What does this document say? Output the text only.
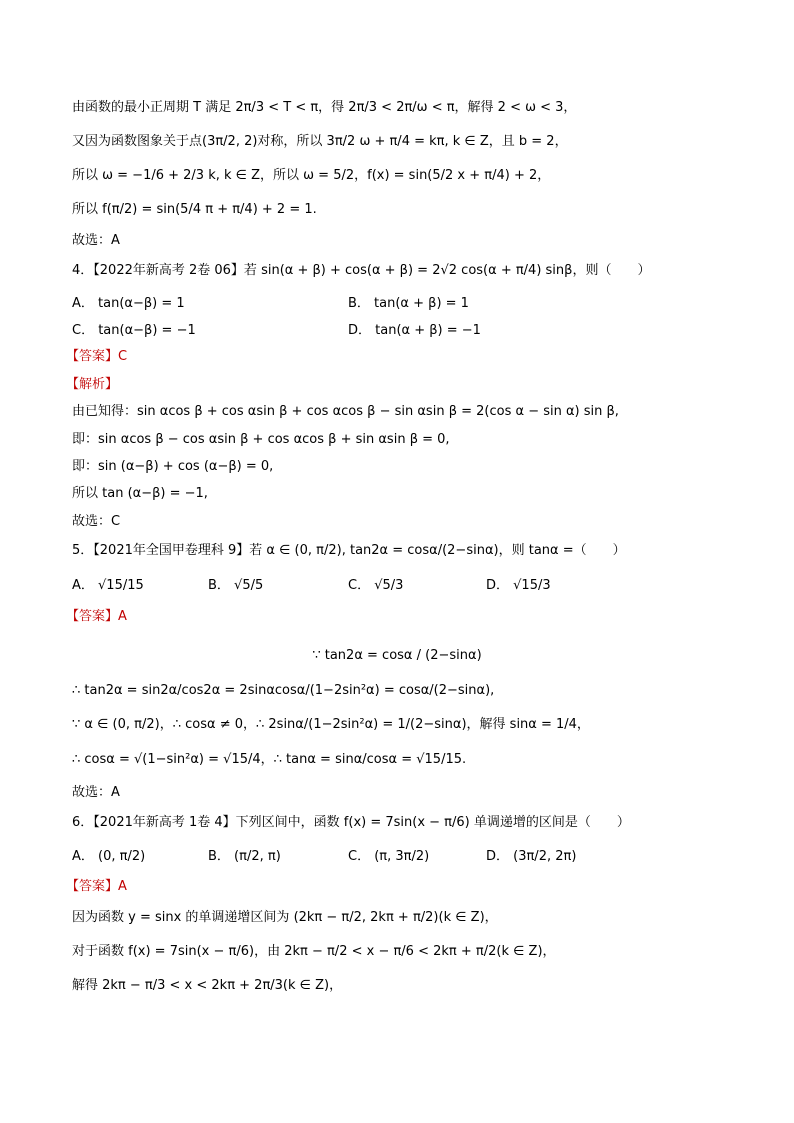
由函数的最小正周期 T 满足 2π/3 < T < π，得 2π/3 < 2π/ω < π，解得 2 < ω < 3，
又因为函数图象关于点(3π/2, 2)对称，所以 3π/2 ω + π/4 = kπ, k ∈ Z，且 b = 2，
所以 ω = −1/6 + 2/3 k, k ∈ Z，所以 ω = 5/2，f(x) = sin(5/2 x + π/4) + 2，
所以 f(π/2) = sin(5/4 π + π/4) + 2 = 1.
故选：A
4．【2022年新高考 2卷 06】若 sin(α + β) + cos(α + β) = 2√2 cos(α + π/4) sinβ，则（　　）
A． tan(α−β) = 1	B． tan(α + β) = 1
C． tan(α−β) = −1	D． tan(α + β) = −1
【答案】C
【解析】
由已知得：sin αcos β + cos αsin β + cos αcos β − sin αsin β = 2(cos α − sin α) sin β,
即：sin αcos β − cos αsin β + cos αcos β + sin αsin β = 0,
即：sin (α−β) + cos (α−β) = 0,
所以 tan (α−β) = −1,
故选：C
5．【2021年全国甲卷理科 9】若 α ∈ (0, π/2), tan2α = cosα/(2−sinα)，则 tanα =（　　）
A． √15/15	B． √5/5	C． √5/3	D． √15/3
【答案】A
∵ tan2α = cosα / (2−sinα)
∴ tan2α = sin2α/cos2α = 2sinαcosα/(1−2sin²α) = cosα/(2−sinα),
∵ α ∈ (0, π/2)，∴ cosα ≠ 0，∴ 2sinα/(1−2sin²α) = 1/(2−sinα)，解得 sinα = 1/4，
∴ cosα = √(1−sin²α) = √15/4，∴ tanα = sinα/cosα = √15/15.
故选：A
6．【2021年新高考 1卷 4】下列区间中，函数 f(x) = 7sin(x − π/6) 单调递增的区间是（　　）
A． (0, π/2)	B． (π/2, π)	C． (π, 3π/2)	D． (3π/2, 2π)
【答案】A
因为函数 y = sinx 的单调递增区间为 (2kπ − π/2, 2kπ + π/2)(k ∈ Z)，
对于函数 f(x) = 7sin(x − π/6)，由 2kπ − π/2 < x − π/6 < 2kπ + π/2(k ∈ Z)，
解得 2kπ − π/3 < x < 2kπ + 2π/3(k ∈ Z)，
